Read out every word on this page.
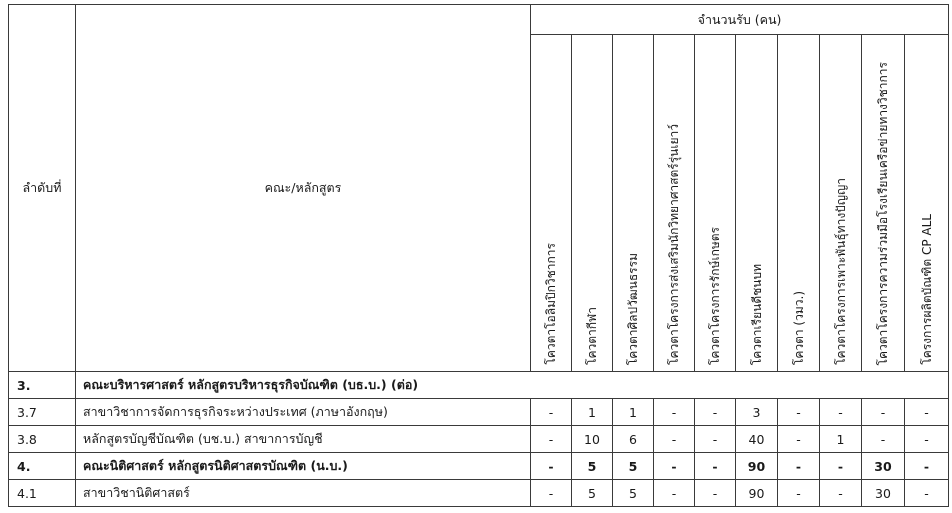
ลำดับที่	คณะ/หลักสูตร	จำนวนรับ (คน)									

		โควตาโอลิมปิกวิชาการ	โควตากีฬา	โควตาศิลปวัฒนธรรม	โควตาโครงการส่งเสริมนักวิทยาศาสตร์รุ่นเยาว์	โควตาโครงการรักษ์เกษตร	โควตาเรียนดีชนบท	โควตา (วมว.)	โควตาโครงการเพาะพันธุ์ทางปัญญา	โควตาโครงการความร่วมมือโรงเรียนเครือข่ายทางวิชาการ	โครงการผลิตบัณฑิต CP ALL

3.	คณะบริหารศาสตร์ หลักสูตรบริหารธุรกิจบัณฑิต (บธ.บ.) (ต่อ)										
3.7	สาขาวิชาการจัดการธุรกิจระหว่างประเทศ (ภาษาอังกฤษ)	-	1	1	-	-	3	-	-	-	-
3.8	หลักสูตรบัญชีบัณฑิต (บช.บ.) สาขาการบัญชี	-	10	6	-	-	40	-	1	-	-
4.	คณะนิติศาสตร์ หลักสูตรนิติศาสตรบัณฑิต (น.บ.)	-	5	5	-	-	90	-	-	30	-
4.1	สาขาวิชานิติศาสตร์	-	5	5	-	-	90	-	-	30	-
